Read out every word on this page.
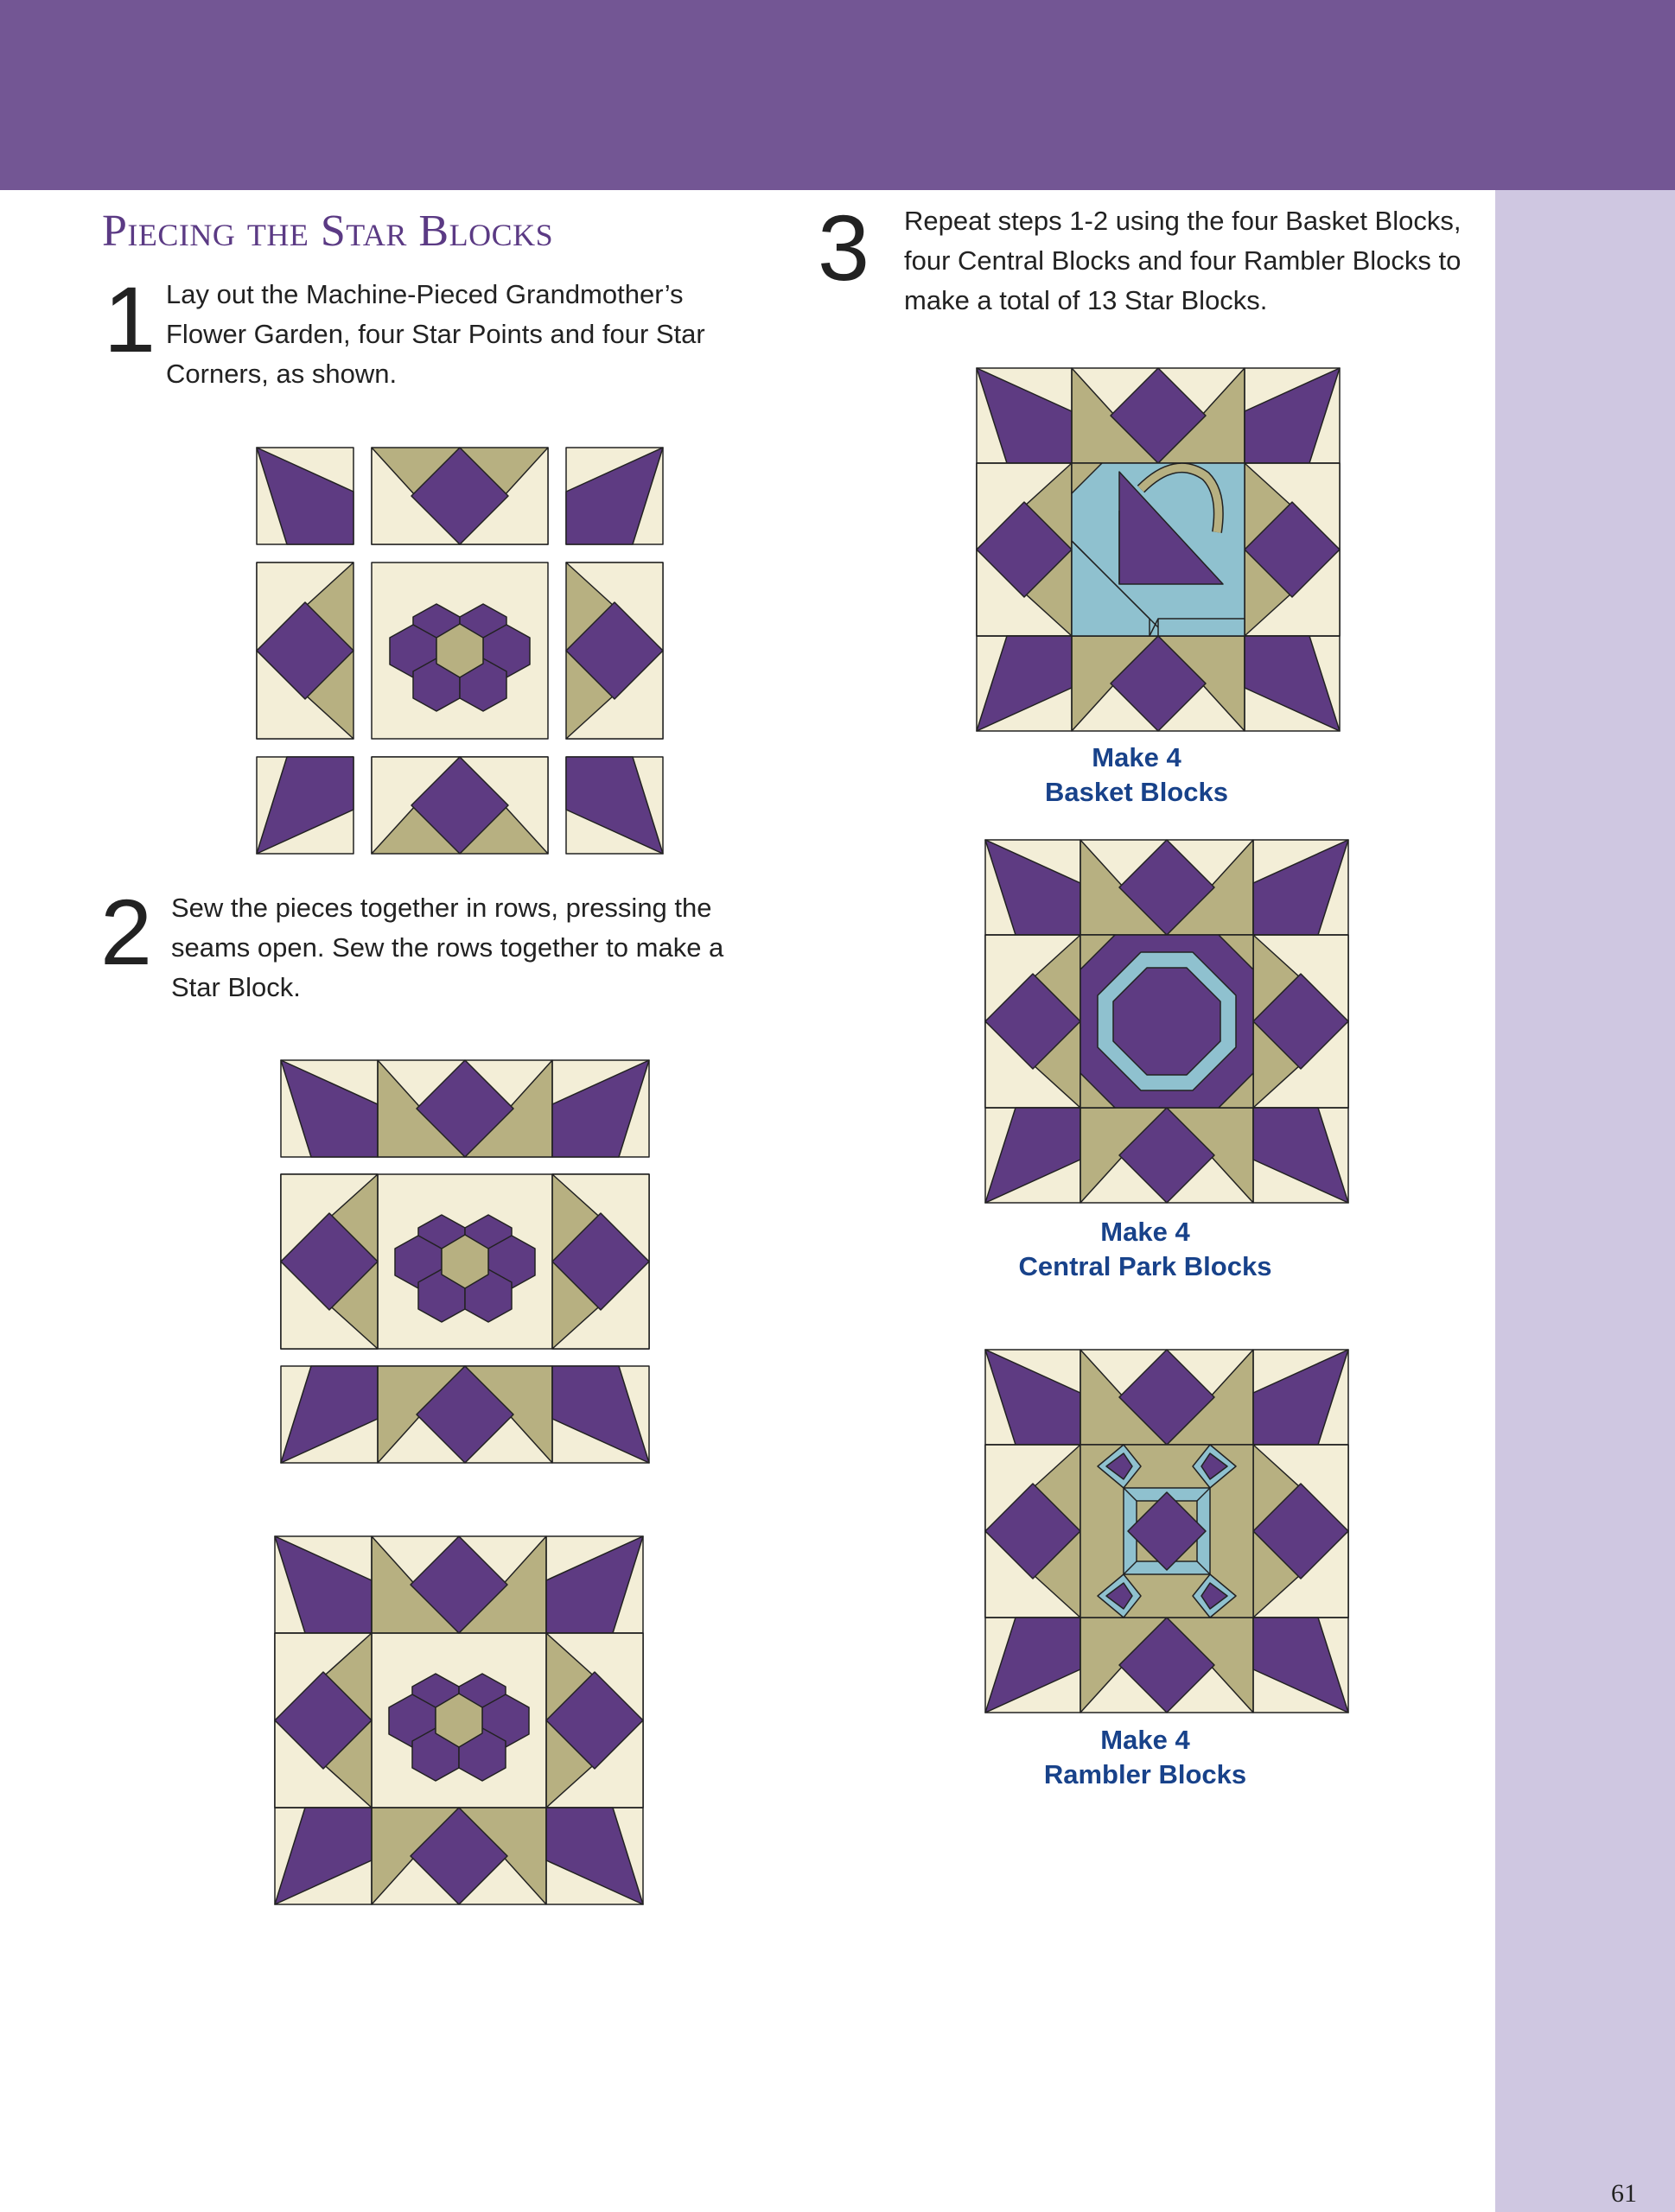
Piecing the Star Blocks
1 Lay out the Machine-Pieced Grandmother’s Flower Garden, four Star Points and four Star Corners, as shown.
2 Sew the pieces together in rows, pressing the seams open. Sew the rows together to make a Star Block.
3 Repeat steps 1-2 using the four Basket Blocks, four Central Blocks and four Rambler Blocks to make a total of 13 Star Blocks.
Make 4
Basket Blocks
Make 4
Central Park Blocks
Make 4
Rambler Blocks
61
